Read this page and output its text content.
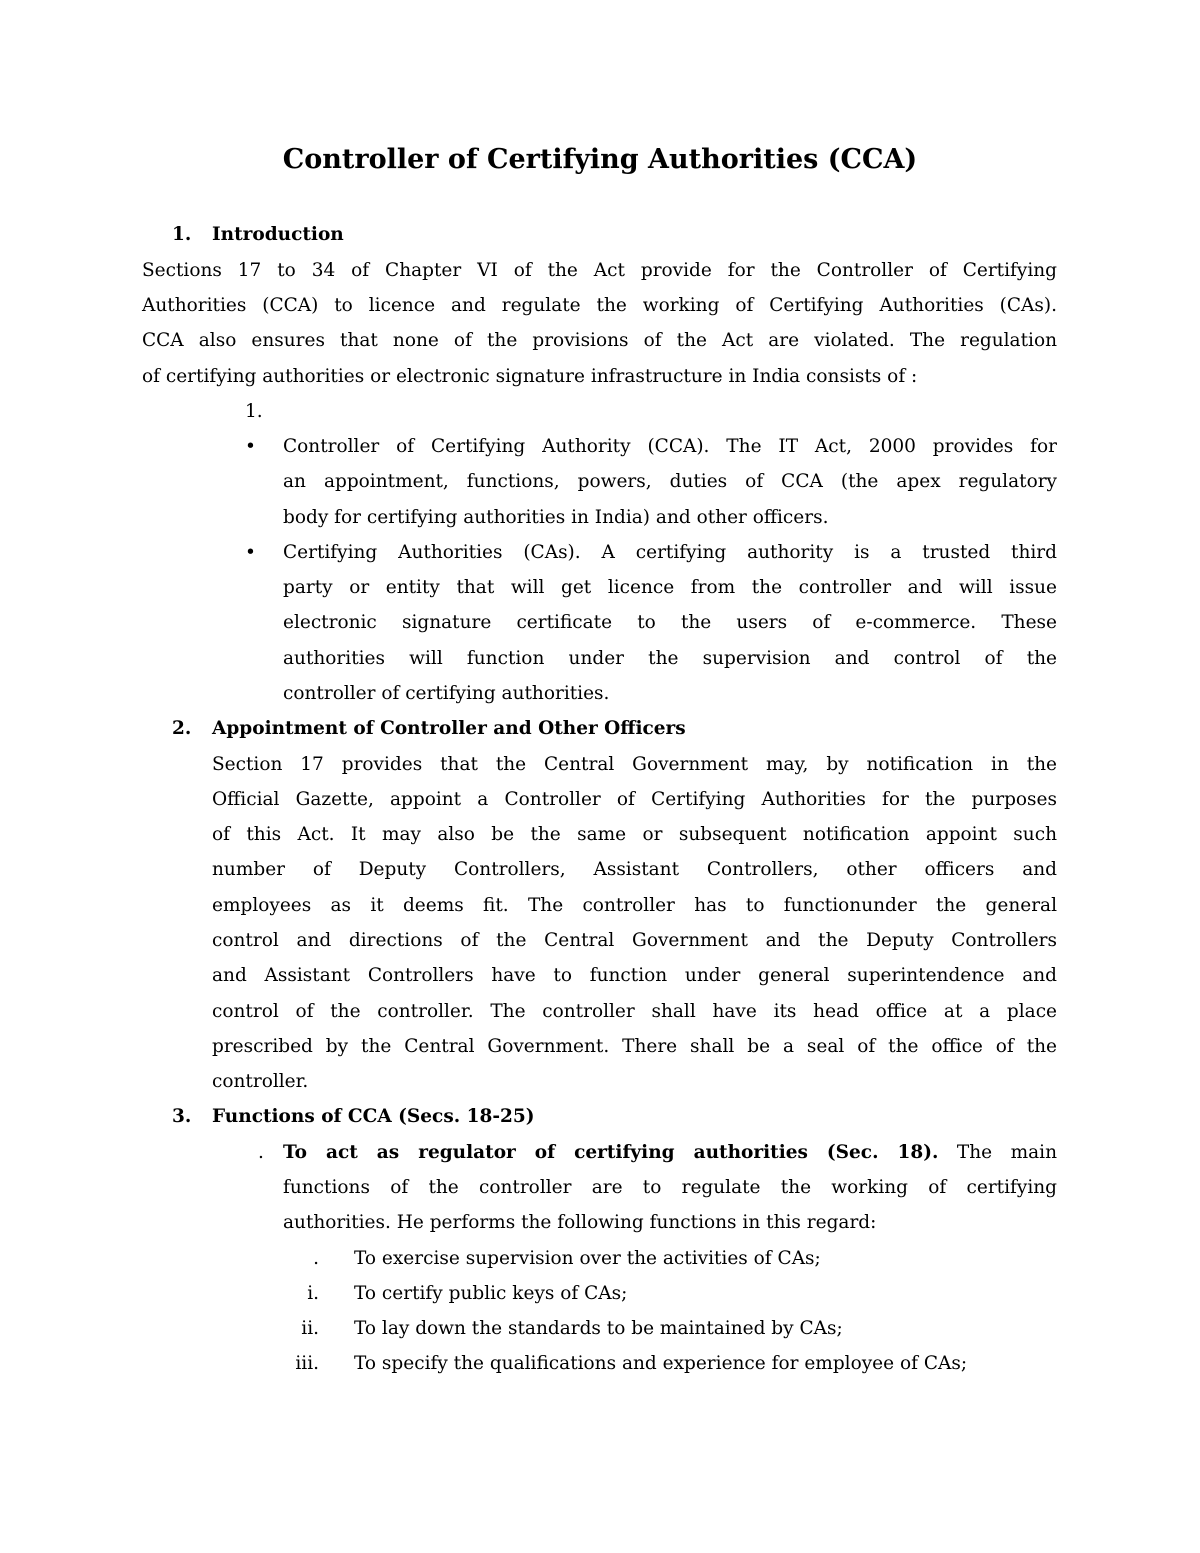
Controller of Certifying Authorities (CCA)
1. Introduction
Sections 17 to 34 of Chapter VI of the Act provide for the Controller of Certifying
Authorities (CCA) to licence and regulate the working of Certifying Authorities (CAs).
CCA also ensures that none of the provisions of the Act are violated. The regulation
of certifying authorities or electronic signature infrastructure in India consists of :
1.
• Controller of Certifying Authority (CCA). The IT Act, 2000 provides for
an appointment, functions, powers, duties of CCA (the apex regulatory
body for certifying authorities in India) and other officers.
• Certifying Authorities (CAs). A certifying authority is a trusted third
party or entity that will get licence from the controller and will issue
electronic signature certificate to the users of e-commerce. These
authorities will function under the supervision and control of the
controller of certifying authorities.
2. Appointment of Controller and Other Officers
Section 17 provides that the Central Government may, by notification in the
Official Gazette, appoint a Controller of Certifying Authorities for the purposes
of this Act. It may also be the same or subsequent notification appoint such
number of Deputy Controllers, Assistant Controllers, other officers and
employees as it deems fit. The controller has to functionunder the general
control and directions of the Central Government and the Deputy Controllers
and Assistant Controllers have to function under general superintendence and
control of the controller. The controller shall have its head office at a place
prescribed by the Central Government. There shall be a seal of the office of the
controller.
3. Functions of CCA (Secs. 18-25)
. To act as regulator of certifying authorities (Sec. 18). The main
functions of the controller are to regulate the working of certifying
authorities. He performs the following functions in this regard:
. To exercise supervision over the activities of CAs;
i. To certify public keys of CAs;
ii. To lay down the standards to be maintained by CAs;
iii. To specify the qualifications and experience for employee of CAs;
